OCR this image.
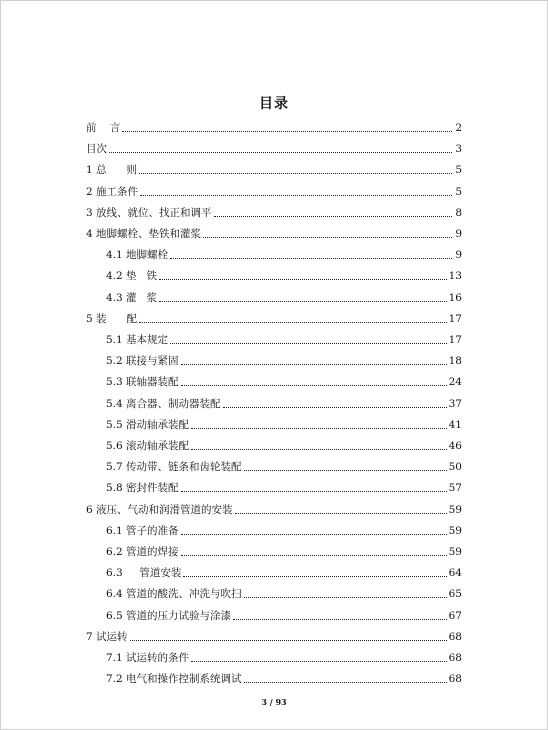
目录
前    言	2
目次	3
1 总      则	5
2 施工条件	5
3 放线、就位、找正和调平	8
4 地脚螺栓、垫铁和灌浆	9
4.1 地脚螺栓	9
4.2 垫   铁	13
4.3 灌   浆	16
5 装      配	17
5.1 基本规定	17
5.2 联接与紧固	18
5.3 联轴器装配	24
5.4 离合器、制动器装配	37
5.5 滑动轴承装配	41
5.6 滚动轴承装配	46
5.7 传动带、链条和齿轮装配	50
5.8 密封件装配	57
6 液压、气动和润滑管道的安装	59
6.1 管子的准备	59
6.2 管道的焊接	59
6.3     管道安装	64
6.4 管道的酸洗、冲洗与吹扫	65
6.5 管道的压力试验与涂漆	67
7 试运转	68
7.1 试运转的条件	68
7.2 电气和操作控制系统调试	68
3 / 93
